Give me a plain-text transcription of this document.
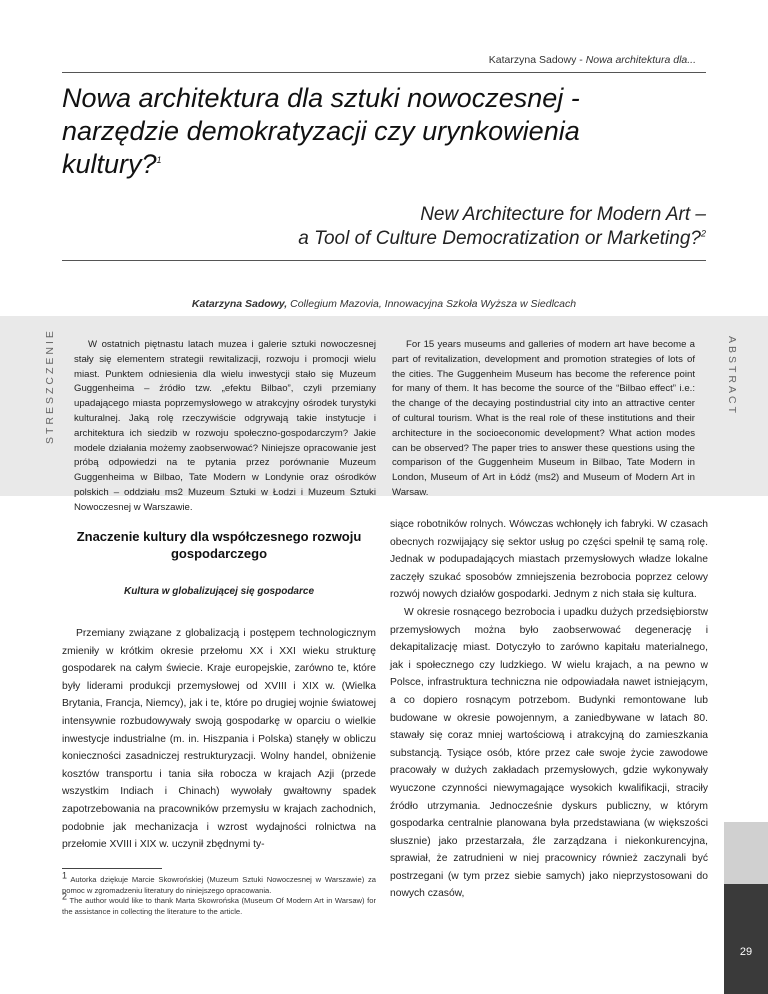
Katarzyna Sadowy - Nowa architektura dla...
Nowa architektura dla sztuki nowoczesnej - narzędzie demokratyzacji czy urynkowienia kultury?$^1$
New Architecture for Modern Art –
a Tool of Culture Democratization or Marketing?$^2$
Katarzyna Sadowy, Collegium Mazovia, Innowacyjna Szkoła Wyższa w Siedlcach
STRESZCZENIE	ABSTRACT

W ostatnich piętnastu latach muzea i galerie sztuki nowoczesnej stały się elementem strategii rewitalizacji, rozwoju i promocji wielu miast. Punktem odniesienia dla wielu inwestycji stało się Muzeum Guggenheima – źródło tzw. „efektu Bilbao”, czyli przemiany upadającego miasta poprzemysłowego w atrakcyjny ośrodek turystyki kulturalnej. Jaką rolę rzeczywiście odgrywają takie instytucje i architektura ich siedzib w rozwoju społeczno-gospodarczym? Jakie modele działania możemy zaobserwować? Niniejsze opracowanie jest próbą odpowiedzi na te pytania przez porównanie Muzeum Guggenheima w Bilbao, Tate Modern w Londynie oraz ośrodków polskich – oddziału ms2 Muzeum Sztuki w Łodzi i Muzeum Sztuki Nowoczesnej w Warszawie.

For 15 years museums and galleries of modern art have become a part of revitalization, development and promotion strategies of lots of the cities. The Guggenheim Museum has become the reference point for many of them. It has become the source of the “Bilbao effect” i.e.: the change of the decaying postindustrial city into an attractive center of cultural tourism. What is the real role of these institutions and their architecture in the socioeconomic development? What action modes can be observed? The paper tries to answer these questions using the comparison of the Guggenheim Museum in Bilbao, Tate Modern in London, Museum of Art in Łódź (ms2) and Museum of Modern Art in Warsaw.

Znaczenie kultury dla współczesnego rozwoju gospodarczego

Kultura w globalizującej się gospodarce

Przemiany związane z globalizacją i postępem technologicznym zmieniły w krótkim okresie przełomu XX i XXI wieku strukturę gospodarek na całym świecie. Kraje europejskie, zarówno te, które były liderami produkcji przemysłowej od XVIII i XIX w. (Wielka Brytania, Francja, Niemcy), jak i te, które po drugiej wojnie światowej intensywnie rozbudowywały swoją gospodarkę w oparciu o wielkie inwestycje industrialne (m. in. Hiszpania i Polska) stanęły w obliczu konieczności zasadniczej restrukturyzacji. Wolny handel, obniżenie kosztów transportu i tania siła robocza w krajach Azji (przede wszystkim Indiach i Chinach) wywołały gwałtowny spadek zapotrzebowania na pracowników przemysłu w krajach zachodnich, podobnie jak mechanizacja i wzrost wydajności rolnictwa na przełomie XVIII i XIX w. uczynił zbędnymi ty-

$^1$ Autorka dziękuje Marcie Skowrońskiej (Muzeum Sztuki Nowoczesnej w Warszawie) za pomoc w zgromadzeniu literatury do niniejszego opracowania.

$^2$ The author would like to thank Marta Skowrońska (Museum Of Modern Art in Warsaw) for the assistance in collecting the literature to the article.

siące robotników rolnych. Wówczas wchłonęły ich fabryki. W czasach obecnych rozwijający się sektor usług po części spełnił tę samą rolę. Jednak w podupadających miastach przemysłowych władze lokalne zaczęły szukać sposobów zmniejszenia bezrobocia poprzez celowy rozwój nowych działów gospodarki. Jednym z nich stała się kultura.

W okresie rosnącego bezrobocia i upadku dużych przedsiębiorstw przemysłowych można było zaobserwować degenerację i dekapitalizację miast. Dotyczyło to zarówno kapitału materialnego, jak i społecznego czy ludzkiego. W wielu krajach, a na pewno w Polsce, infrastruktura techniczna nie odpowiadała nawet istniejącym, a co dopiero rosnącym potrzebom. Budynki remontowane lub budowane w okresie powojennym, a zaniedbywane w latach 80. stawały się coraz mniej wartościową i atrakcyjną do zamieszkania substancją. Tysiące osób, które przez całe swoje życie zawodowe pracowały w dużych zakładach przemysłowych, gdzie wykonywały wyuczone czynności niewymagające wysokich kwalifikacji, straciły źródło utrzymania. Jednocześnie dyskurs publiczny, w którym gospodarka centralnie planowana była przedstawiana (w większości słusznie) jako przestarzała, źle zarządzana i niekonkurencyjna, sprawiał, że zatrudnieni w niej pracownicy również zaczynali być postrzegani (w tym przez siebie samych) jako nieprzystosowani do nowych czasów,

29
